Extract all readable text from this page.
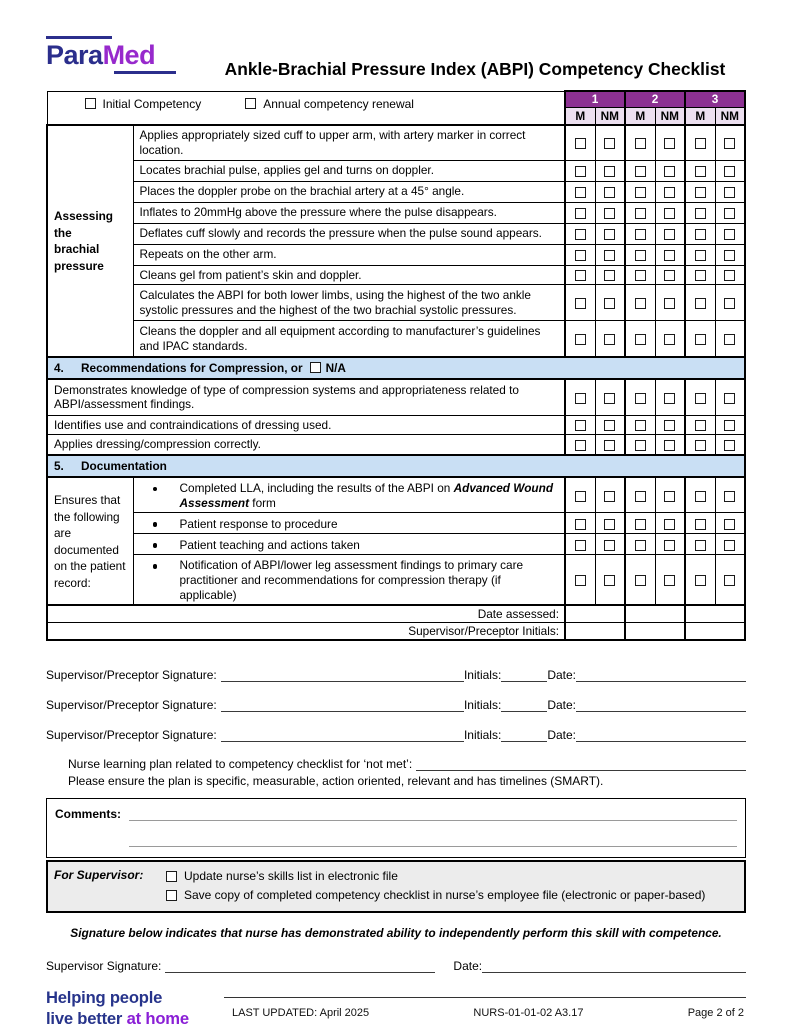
ParaMed	Ankle-Brachial Pressure Index (ABPI) Competency Checklist
Initial Competency Annual competency renewal		1		2		3	
		M	NM	M	NM	M	NM
Assessing the brachial pressure	Applies appropriately sized cuff to upper arm, with artery marker in correct location.						
	Locates brachial pulse, applies gel and turns on doppler.						
	Places the doppler probe on the brachial artery at a 45° angle.						
	Inflates to 20mmHg above the pressure where the pulse disappears.						
	Deflates cuff slowly and records the pressure when the pulse sound appears.						
	Repeats on the other arm.						
	Cleans gel from patient’s skin and doppler.						
	Calculates the ABPI for both lower limbs, using the highest of the two ankle systolic pressures and the highest of the two brachial systolic pressures.						
	Cleans the doppler and all equipment according to manufacturer’s guidelines and IPAC standards.						
4. Recommendations for Compression, or N/A							
Demonstrates knowledge of type of compression systems and appropriateness related to ABPI/assessment findings.							
Identifies use and contraindications of dressing used.							
Applies dressing/compression correctly.							
5. Documentation							
Ensures that the following are documented on the patient record:	Completed LLA, including the results of the ABPI on Advanced Wound Assessment form						

Patient response to procedure						

Patient teaching and actions taken						

Notification of ABPI/lower leg assessment findings to primary care practitioner and recommendations for compression therapy (if applicable)						
Date assessed:							
Supervisor/Preceptor Initials:							
Supervisor/Preceptor Signature:	Initials:	Date:
Supervisor/Preceptor Signature:	Initials:	Date:
Supervisor/Preceptor Signature:	Initials:	Date:
Nurse learning plan related to competency checklist for ‘not met’:
Please ensure the plan is specific, measurable, action oriented, relevant and has timelines (SMART).
Comments:
For Supervisor:	Update nurse’s skills list in electronic file
Save copy of completed competency checklist in nurse’s employee file (electronic or paper-based)
Signature below indicates that nurse has demonstrated ability to independently perform this skill with competence.
Supervisor Signature:	Date:
Helping people
live better at home	LAST UPDATED: April 2025	NURS-01-01-02 A3.17	Page 2 of 2
